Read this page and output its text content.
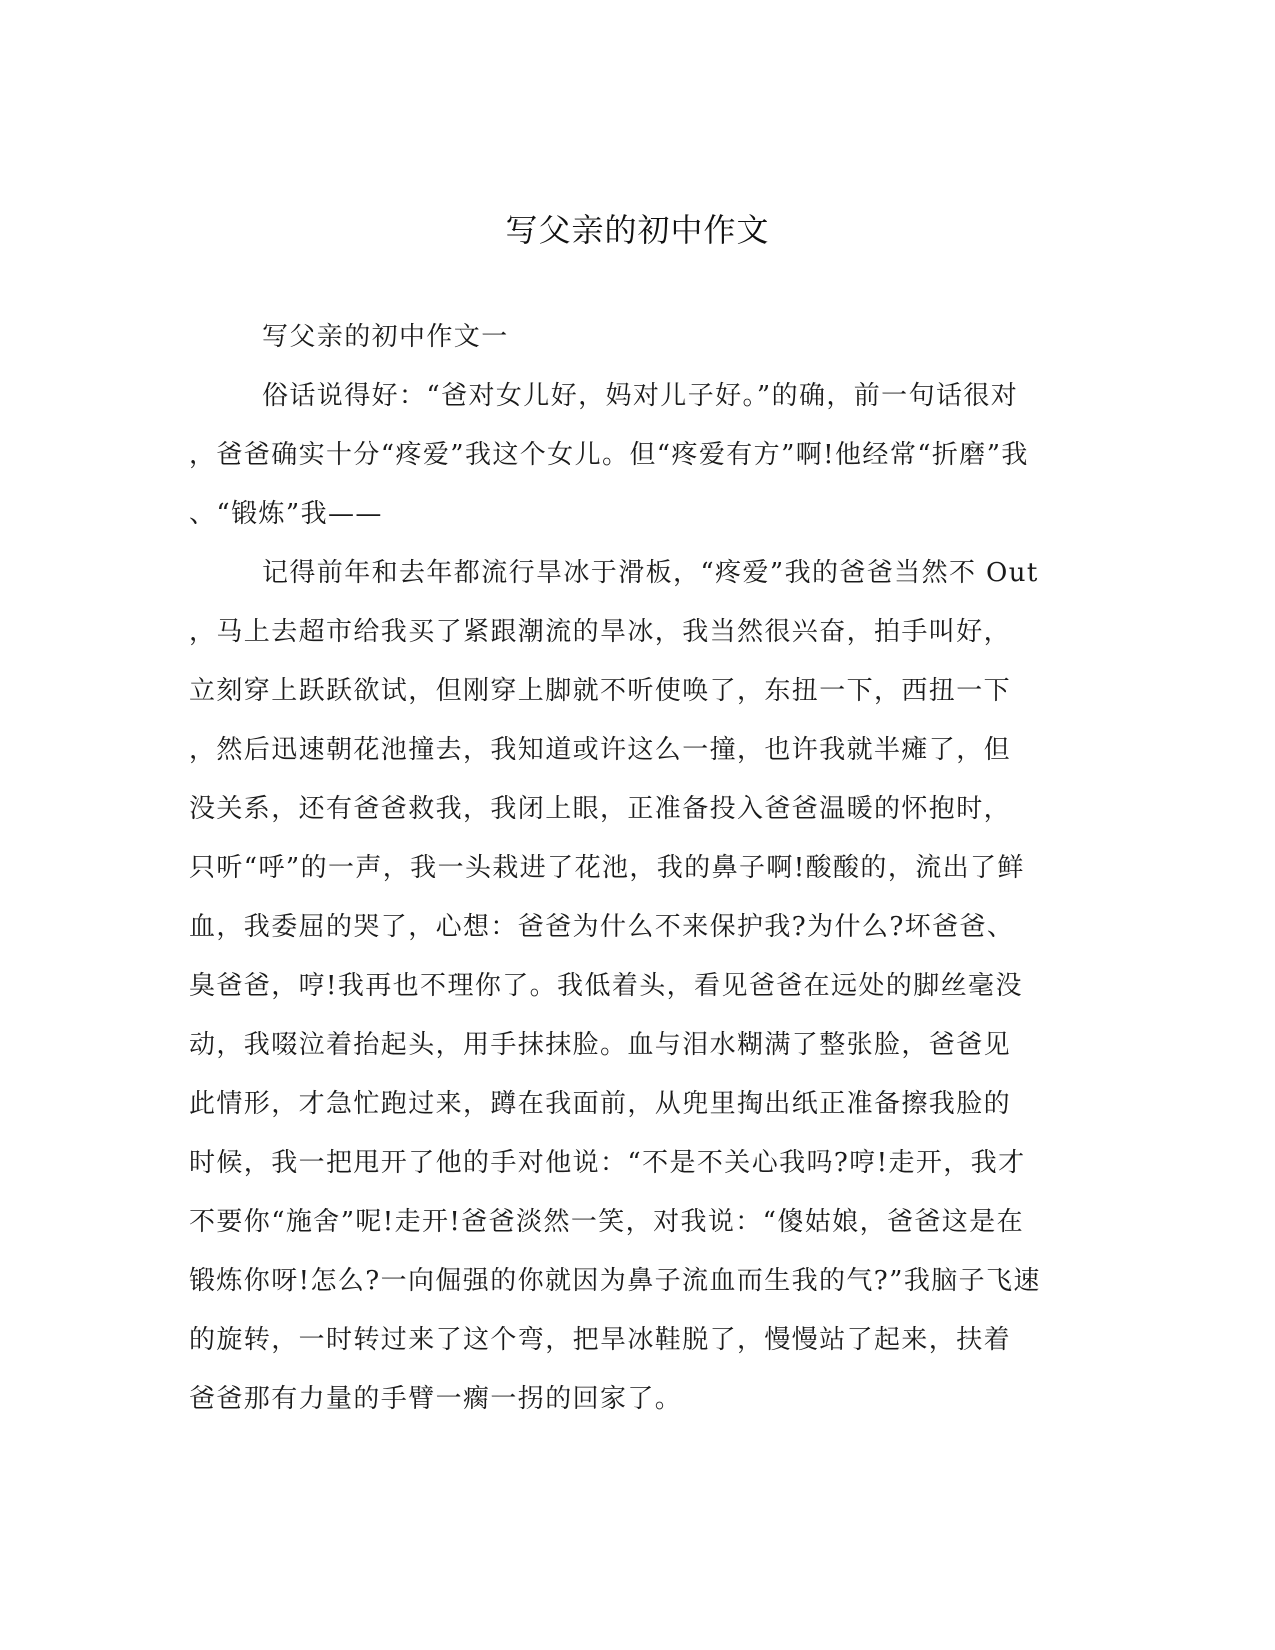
写父亲的初中作文

写父亲的初中作文一

俗话说得好：“爸对女儿好，妈对儿子好。”的确，前一句话很对

，爸爸确实十分“疼爱”我这个女儿。但“疼爱有方”啊!他经常“折磨”我

、“锻炼”我——

记得前年和去年都流行旱冰于滑板，“疼爱”我的爸爸当然不 Out

，马上去超市给我买了紧跟潮流的旱冰，我当然很兴奋，拍手叫好，

立刻穿上跃跃欲试，但刚穿上脚就不听使唤了，东扭一下，西扭一下

，然后迅速朝花池撞去，我知道或许这么一撞，也许我就半瘫了，但

没关系，还有爸爸救我，我闭上眼，正准备投入爸爸温暖的怀抱时，

只听“呼”的一声，我一头栽进了花池，我的鼻子啊!酸酸的，流出了鲜

血，我委屈的哭了，心想：爸爸为什么不来保护我?为什么?坏爸爸、

臭爸爸，哼!我再也不理你了。我低着头，看见爸爸在远处的脚丝毫没

动，我啜泣着抬起头，用手抹抹脸。血与泪水糊满了整张脸，爸爸见

此情形，才急忙跑过来，蹲在我面前，从兜里掏出纸正准备擦我脸的

时候，我一把甩开了他的手对他说：“不是不关心我吗?哼!走开，我才

不要你“施舍”呢!走开!爸爸淡然一笑，对我说：“傻姑娘，爸爸这是在

锻炼你呀!怎么?一向倔强的你就因为鼻子流血而生我的气?”我脑子飞速

的旋转，一时转过来了这个弯，把旱冰鞋脱了，慢慢站了起来，扶着

爸爸那有力量的手臂一瘸一拐的回家了。
